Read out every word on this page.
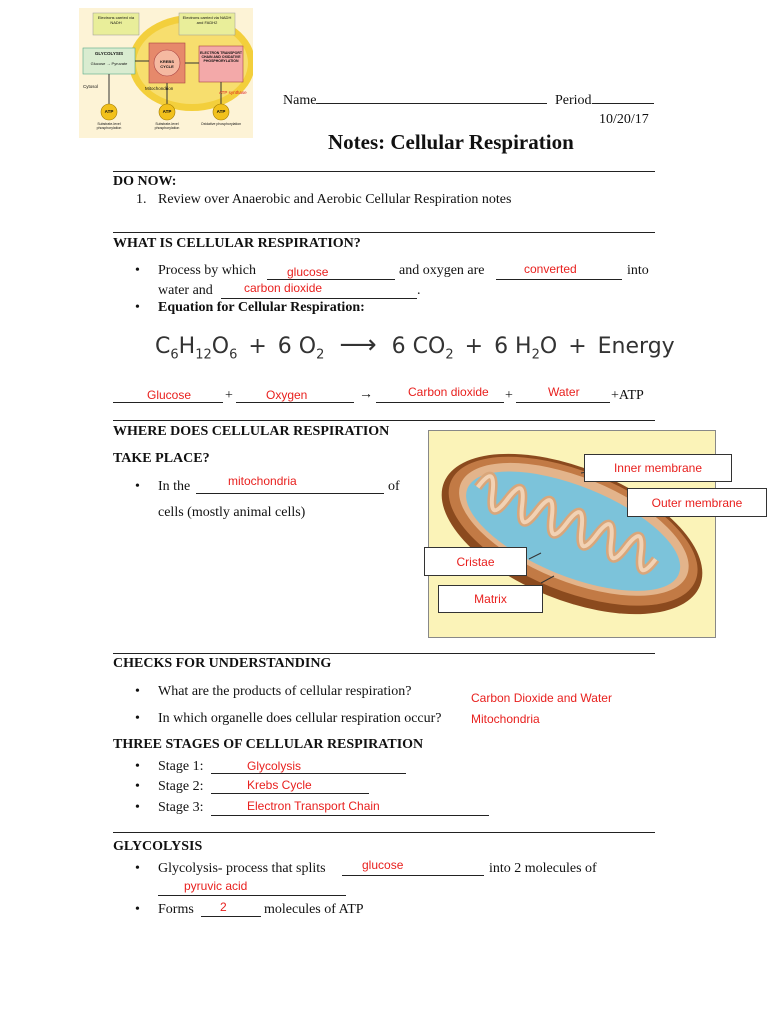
Electrons carried via NADH
Electrons carried via NADH and FADH2
GLYCOLYSIS
Glucose → Pyruvate	KREBS CYCLE
ELECTRON TRANSPORT CHAIN AND OXIDATIVE PHOSPHORYLATION
Cytosol	Mitochondrion
ATP synthase
ATP	ATP	ATP
Substrate-level phosphorylation
Substrate-level phosphorylation
Oxidative phosphorylation
Name	Period
10/20/17
Notes: Cellular Respiration
DO NOW:
1. Review over Anaerobic and Aerobic Cellular Respiration notes
WHAT IS CELLULAR RESPIRATION?
• Process by which	glucose	and oxygen are	converted	into
water and	carbon dioxide	.
• Equation for Cellular Respiration:
$C_6H_{12}O_6 + 6$ $O_2$ ⟶ 6 $CO_2 + 6$ $H_2O$ + Energy
Glucose +	Oxygen	→	Carbon dioxide +	Water +ATP
WHERE DOES CELLULAR RESPIRATION
TAKE PLACE?
• In the	mitochondria	of
cells (mostly animal cells)
Inner membrane
Outer membrane
Cristae
Matrix
CHECKS FOR UNDERSTANDING
• What are the products of cellular respiration?	Carbon Dioxide and Water
• In which organelle does cellular respiration occur? Mitochondria
THREE STAGES OF CELLULAR RESPIRATION
• Stage 1:	Glycolysis
• Stage 2:	Krebs Cycle
• Stage 3:	Electron Transport Chain
GLYCOLYSIS
• Glycolysis- process that splits	glucose	into 2 molecules of
pyruvic acid
• Forms 2	molecules of ATP
